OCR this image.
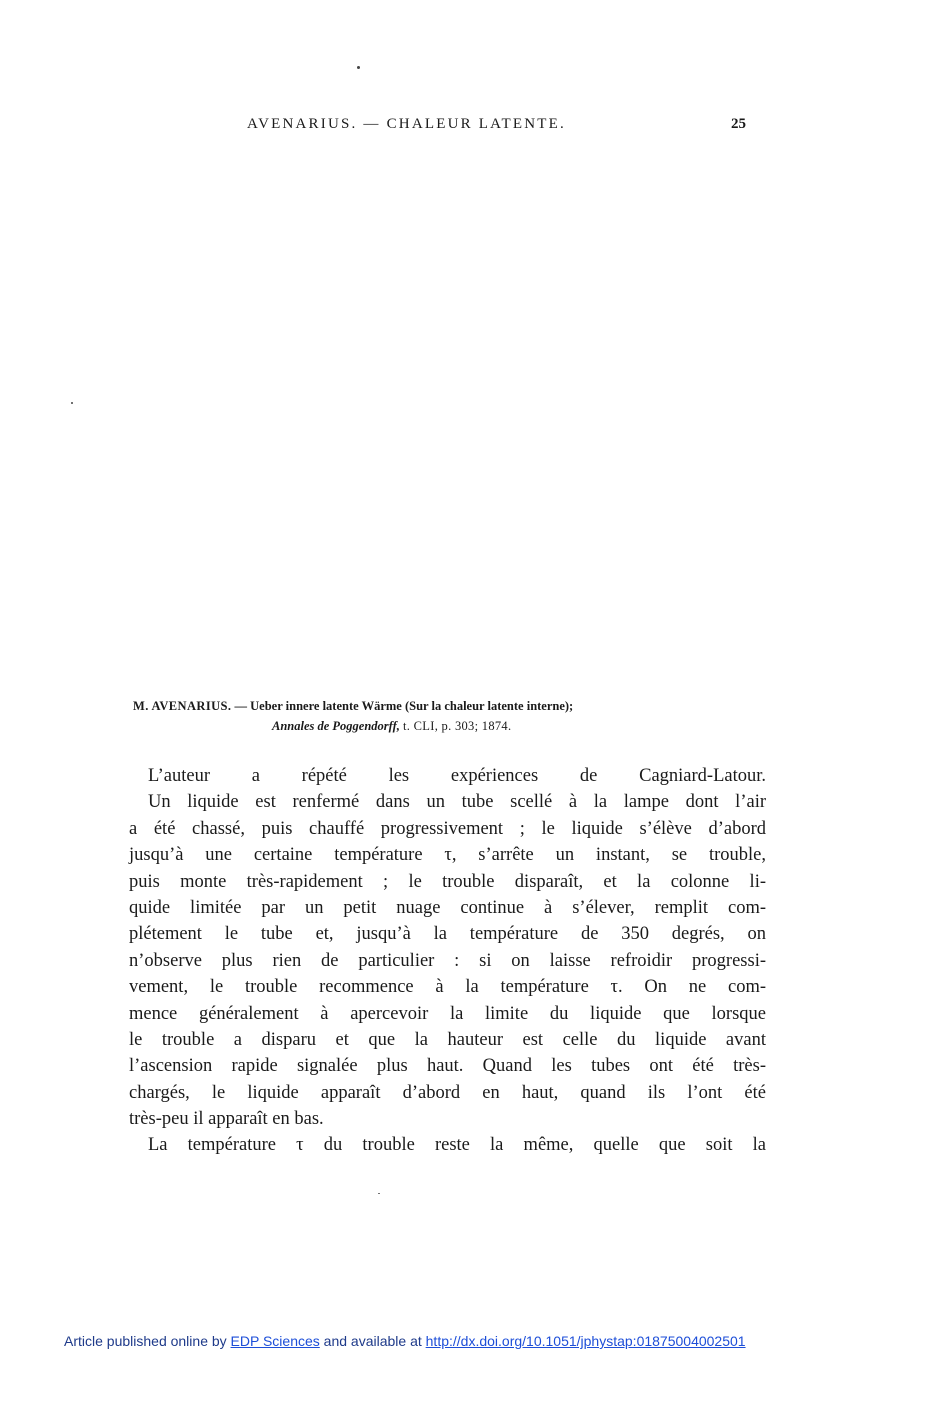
AVENARIUS. — CHALEUR LATENTE.	25
M. AVENARIUS. — Ueber innere latente Wärme (Sur la chaleur latente interne);
Annales de Poggendorff, t. CLI, p. 303; 1874.
L’auteur a répété les expériences de Cagniard-Latour.
Un liquide est renfermé dans un tube scellé à la lampe dont l’air
a été chassé, puis chauffé progressivement ; le liquide s’élève d’abord
jusqu’à une certaine température τ, s’arrête un instant, se trouble,
puis monte très-rapidement ; le trouble disparaît, et la colonne li-
quide limitée par un petit nuage continue à s’élever, remplit com-
plétement le tube et, jusqu’à la température de 350 degrés, on
n’observe plus rien de particulier : si on laisse refroidir progressi-
vement, le trouble recommence à la température τ. On ne com-
mence généralement à apercevoir la limite du liquide que lorsque
le trouble a disparu et que la hauteur est celle du liquide avant
l’ascension rapide signalée plus haut. Quand les tubes ont été très-
chargés, le liquide apparaît d’abord en haut, quand ils l’ont été
très-peu il apparaît en bas.
La température τ du trouble reste la même, quelle que soit la
Article published online by EDP Sciences and available at http://dx.doi.org/10.1051/jphystap:01875004002501
